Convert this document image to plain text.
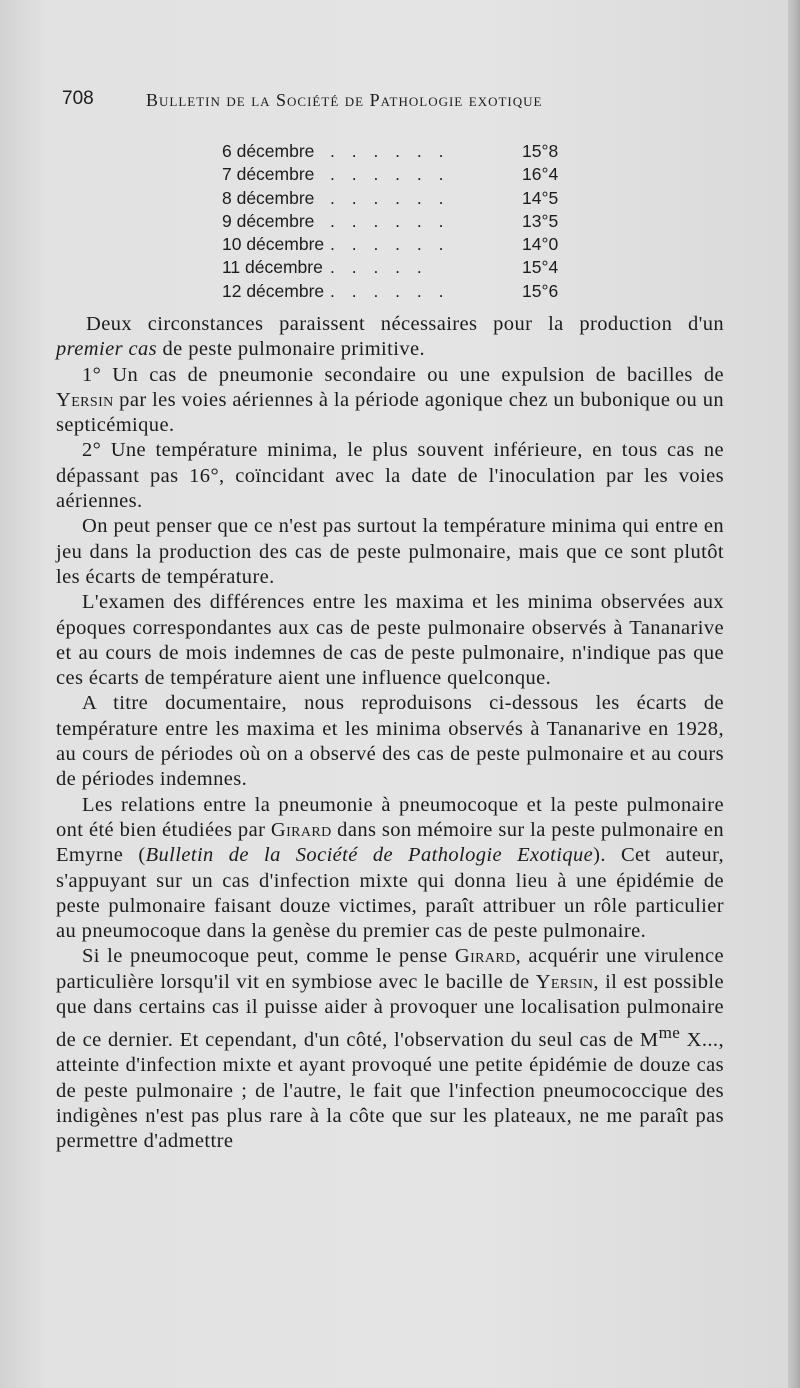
708	Bulletin de la Société de Pathologie exotique
6 décembre . . . . . .	15°8
7 décembre . . . . . .	16°4
8 décembre . . . . . .	14°5
9 décembre . . . . . .	13°5
10 décembre . . . . . .	14°0
11 décembre . . . . .	15°4
12 décembre . . . . . .	15°6

Deux circonstances paraissent nécessaires pour la production d'un premier cas de peste pulmonaire primitive.

1° Un cas de pneumonie secondaire ou une expulsion de bacilles de Yersin par les voies aériennes à la période agonique chez un bubonique ou un septicémique.

2° Une température minima, le plus souvent inférieure, en tous cas ne dépassant pas 16°, coïncidant avec la date de l'inoculation par les voies aériennes.

On peut penser que ce n'est pas surtout la température minima qui entre en jeu dans la production des cas de peste pulmonaire, mais que ce sont plutôt les écarts de température.

L'examen des différences entre les maxima et les minima observées aux époques correspondantes aux cas de peste pulmonaire observés à Tananarive et au cours de mois indemnes de cas de peste pulmonaire, n'indique pas que ces écarts de température aient une influence quelconque.

A titre documentaire, nous reproduisons ci-dessous les écarts de température entre les maxima et les minima observés à Tananarive en 1928, au cours de périodes où on a observé des cas de peste pulmonaire et au cours de périodes indemnes.

Les relations entre la pneumonie à pneumocoque et la peste pulmonaire ont été bien étudiées par Girard dans son mémoire sur la peste pulmonaire en Emyrne (Bulletin de la Société de Pathologie Exotique). Cet auteur, s'appuyant sur un cas d'infection mixte qui donna lieu à une épidémie de peste pulmonaire faisant douze victimes, paraît attribuer un rôle particulier au pneumocoque dans la genèse du premier cas de peste pulmonaire.

Si le pneumocoque peut, comme le pense Girard, acquérir une virulence particulière lorsqu'il vit en symbiose avec le bacille de Yersin, il est possible que dans certains cas il puisse aider à provoquer une localisation pulmonaire de ce dernier. Et cependant, d'un côté, l'observation du seul cas de $M^{me}$ X..., atteinte d'infection mixte et ayant provoqué une petite épidémie de douze cas de peste pulmonaire ; de l'autre, le fait que l'infection pneumococcique des indigènes n'est pas plus rare à la côte que sur les plateaux, ne me paraît pas permettre d'admettre
